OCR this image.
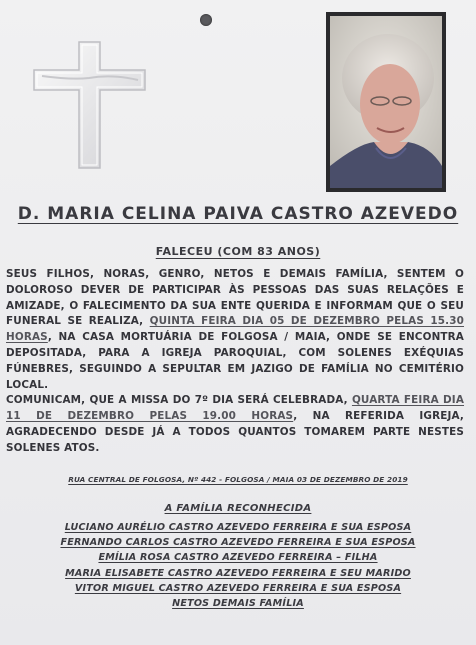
D. MARIA CELINA PAIVA CASTRO AZEVEDO
FALECEU (COM 83 ANOS)

SEUS FILHOS, NORAS, GENRO, NETOS E DEMAIS FAMÍLIA, SENTEM O DOLOROSO DEVER DE PARTICIPAR ÀS PESSOAS DAS SUAS RELAÇÕES E AMIZADE, O FALECIMENTO DA SUA ENTE QUERIDA E INFORMAM QUE O SEU FUNERAL SE REALIZA, QUINTA FEIRA DIA 05 DE DEZEMBRO PELAS 15.30 HORAS, NA CASA MORTUÁRIA DE FOLGOSA / MAIA, ONDE SE ENCONTRA DEPOSITADA, PARA A IGREJA PAROQUIAL, COM SOLENES EXÉQUIAS FÚNEBRES, SEGUINDO A SEPULTAR EM JAZIGO DE FAMÍLIA NO CEMITÉRIO LOCAL.

COMUNICAM, QUE A MISSA DO 7º DIA SERÁ CELEBRADA, QUARTA FEIRA DIA 11 DE DEZEMBRO PELAS 19.00 HORAS, NA REFERIDA IGREJA, AGRADECENDO DESDE JÁ A TODOS QUANTOS TOMAREM PARTE NESTES SOLENES ATOS.

RUA CENTRAL DE FOLGOSA, Nº 442 - FOLGOSA / MAIA 03 DE DEZEMBRO DE 2019
A FAMÍLIA RECONHECIDA
LUCIANO AURÉLIO CASTRO AZEVEDO FERREIRA E SUA ESPOSA
FERNANDO CARLOS CASTRO AZEVEDO FERREIRA E SUA ESPOSA
EMÍLIA ROSA CASTRO AZEVEDO FERREIRA – FILHA
MARIA ELISABETE CASTRO AZEVEDO FERREIRA E SEU MARIDO
VITOR MIGUEL CASTRO AZEVEDO FERREIRA E SUA ESPOSA
NETOS DEMAIS FAMÍLIA
